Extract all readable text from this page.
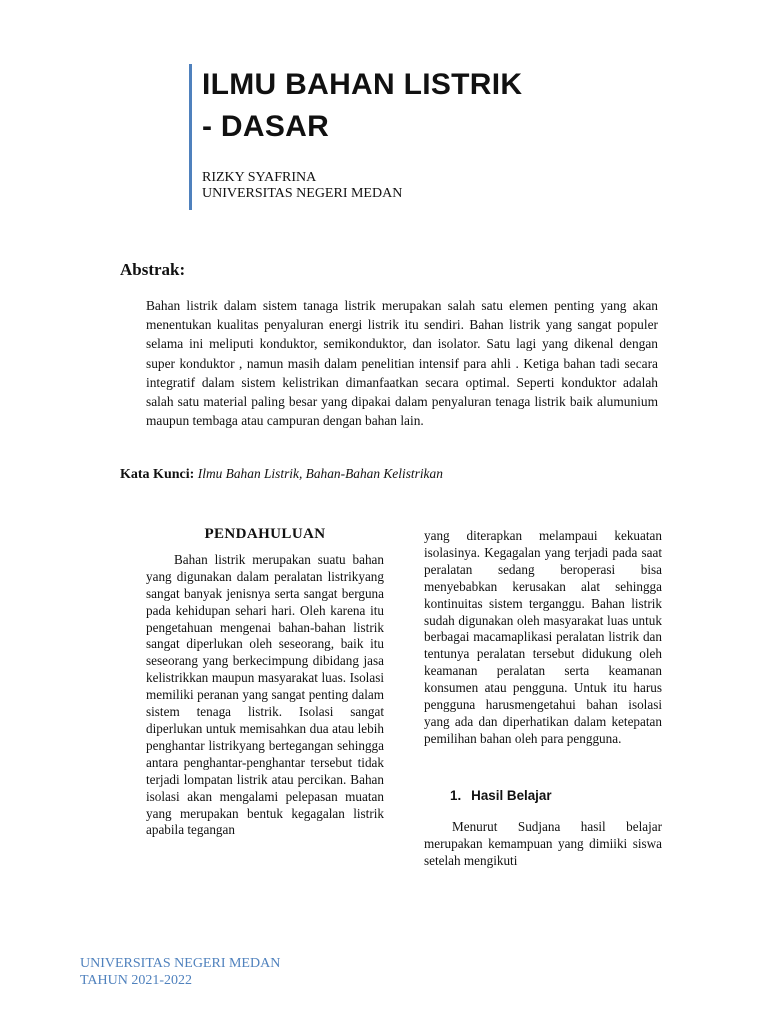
ILMU BAHAN LISTRIK
- DASAR
RIZKY SYAFRINA
UNIVERSITAS NEGERI MEDAN
Abstrak:

Bahan listrik dalam sistem tanaga listrik merupakan salah satu elemen penting yang akan menentukan kualitas penyaluran energi listrik itu sendiri. Bahan listrik yang sangat populer selama ini meliputi konduktor, semikonduktor, dan isolator. Satu lagi yang dikenal dengan super konduktor , namun masih dalam penelitian intensif para ahli . Ketiga bahan tadi secara integratif dalam sistem kelistrikan dimanfaatkan secara optimal. Seperti konduktor adalah salah satu material paling besar yang dipakai dalam penyaluran tenaga listrik baik alumunium maupun tembaga atau campuran dengan bahan lain.

Kata Kunci: Ilmu Bahan Listrik, Bahan-Bahan Kelistrikan

PENDAHULUAN

Bahan listrik merupakan suatu bahan yang digunakan dalam peralatan listrikyang sangat banyak jenisnya serta sangat berguna pada kehidupan sehari hari. Oleh karena itu pengetahuan mengenai bahan-bahan listrik sangat diperlukan oleh seseorang, baik itu seseorang yang berkecimpung dibidang jasa kelistrikkan maupun masyarakat luas. Isolasi memiliki peranan yang sangat penting dalam sistem tenaga listrik. Isolasi sangat diperlukan untuk memisahkan dua atau lebih penghantar listrikyang bertegangan sehingga antara penghantar-penghantar tersebut tidak terjadi lompatan listrik atau percikan. Bahan isolasi akan mengalami pelepasan muatan yang merupakan bentuk kegagalan listrik apabila tegangan

yang diterapkan melampaui kekuatan isolasinya. Kegagalan yang terjadi pada saat peralatan sedang beroperasi bisa menyebabkan kerusakan alat sehingga kontinuitas sistem terganggu. Bahan listrik sudah digunakan oleh masyarakat luas untuk berbagai macamaplikasi peralatan listrik dan tentunya peralatan tersebut didukung oleh keamanan peralatan serta keamanan konsumen atau pengguna. Untuk itu harus pengguna harusmengetahui bahan isolasi yang ada dan diperhatikan dalam ketepatan pemilihan bahan oleh para pengguna.

1. Hasil Belajar

Menurut Sudjana hasil belajar merupakan kemampuan yang dimiiki siswa setelah mengikuti

UNIVERSITAS NEGERI MEDAN
TAHUN 2021-2022
